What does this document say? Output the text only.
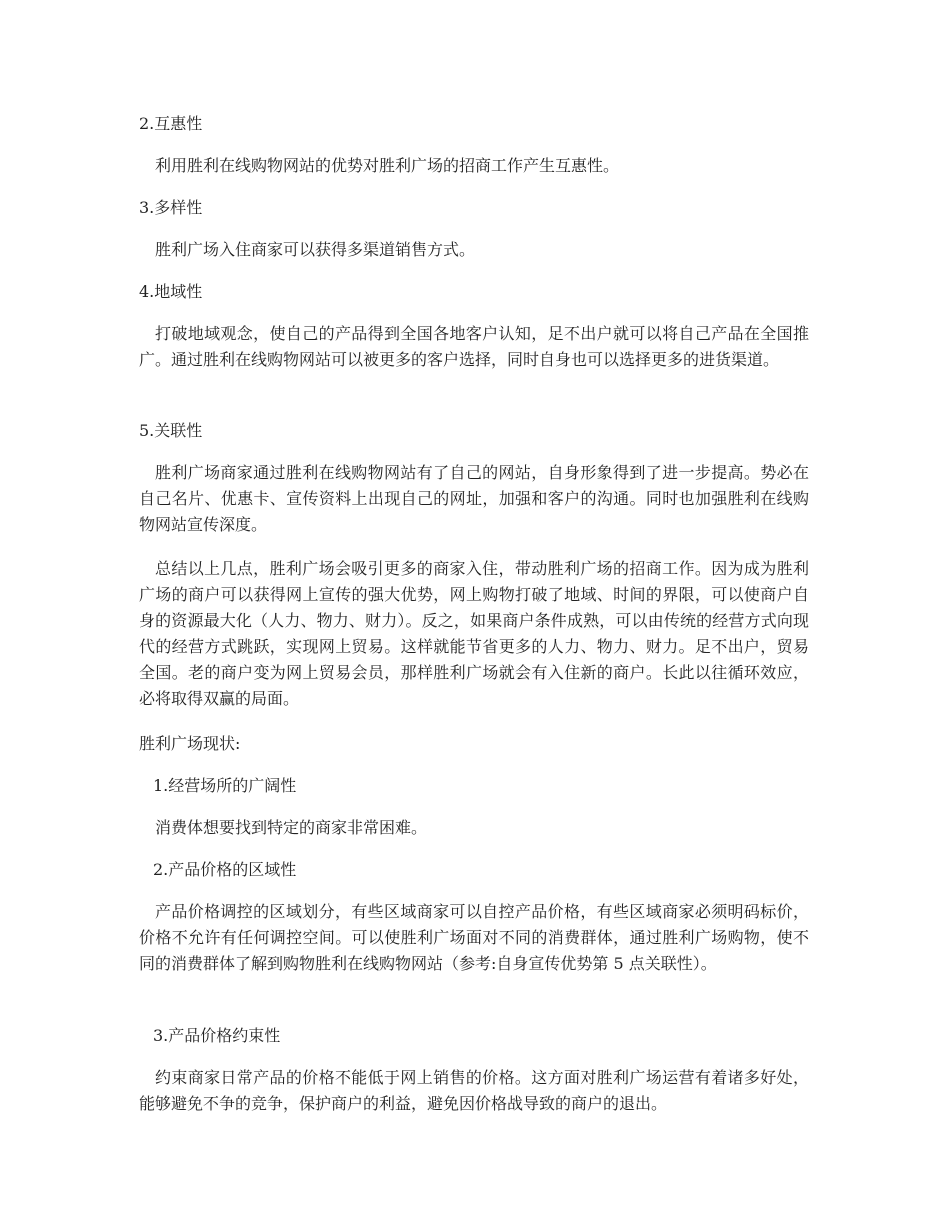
2.互惠性
利用胜利在线购物网站的优势对胜利广场的招商工作产生互惠性。
3.多样性
胜利广场入住商家可以获得多渠道销售方式。
4.地域性
打破地域观念，使自己的产品得到全国各地客户认知，足不出户就可以将自己产品在全国推广。通过胜利在线购物网站可以被更多的客户选择，同时自身也可以选择更多的进货渠道。
5.关联性
胜利广场商家通过胜利在线购物网站有了自己的网站，自身形象得到了进一步提高。势必在自己名片、优惠卡、宣传资料上出现自己的网址，加强和客户的沟通。同时也加强胜利在线购物网站宣传深度。
总结以上几点，胜利广场会吸引更多的商家入住，带动胜利广场的招商工作。因为成为胜利广场的商户可以获得网上宣传的强大优势，网上购物打破了地域、时间的界限，可以使商户自身的资源最大化（人力、物力、财力）。反之，如果商户条件成熟，可以由传统的经营方式向现代的经营方式跳跃，实现网上贸易。这样就能节省更多的人力、物力、财力。足不出户，贸易全国。老的商户变为网上贸易会员，那样胜利广场就会有入住新的商户。长此以往循环效应，必将取得双赢的局面。
胜利广场现状:
1.经营场所的广阔性
消费体想要找到特定的商家非常困难。
2.产品价格的区域性
产品价格调控的区域划分，有些区域商家可以自控产品价格，有些区域商家必须明码标价，价格不允许有任何调控空间。可以使胜利广场面对不同的消费群体，通过胜利广场购物，使不同的消费群体了解到购物胜利在线购物网站（参考:自身宣传优势第 5 点关联性）。
3.产品价格约束性
约束商家日常产品的价格不能低于网上销售的价格。这方面对胜利广场运营有着诸多好处，能够避免不争的竞争，保护商户的利益，避免因价格战导致的商户的退出。
